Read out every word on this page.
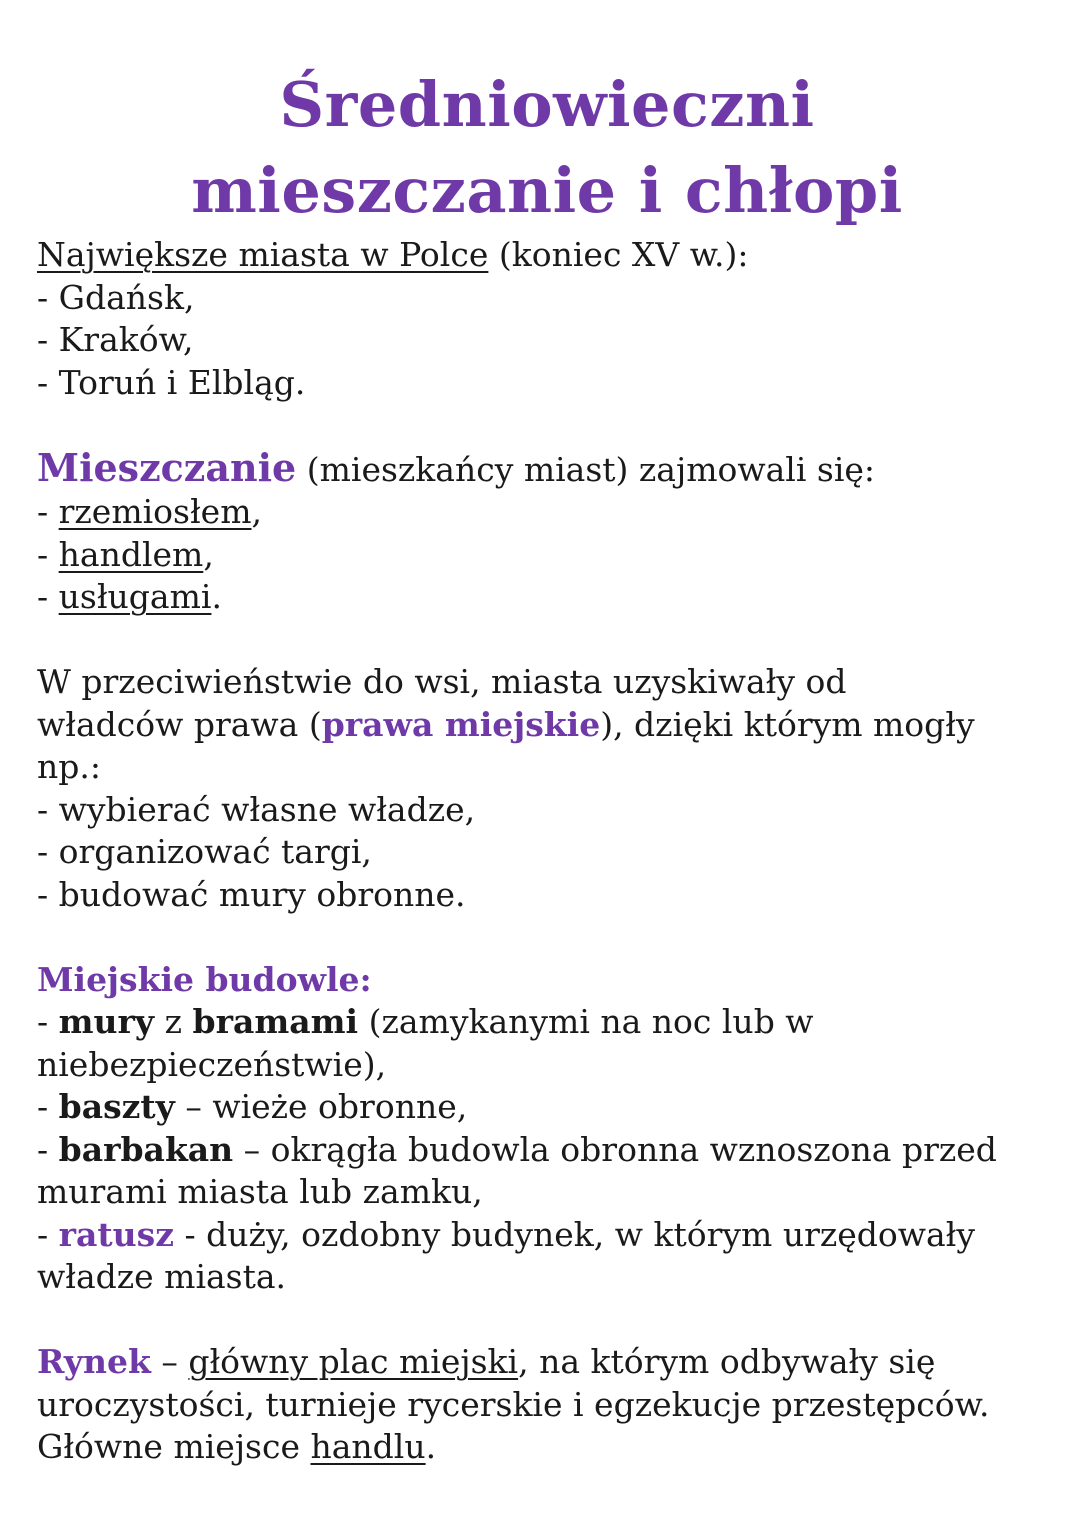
Średniowieczni
mieszczanie i chłopi
Największe miasta w Polce (koniec XV w.):
- Gdańsk,
- Kraków,
- Toruń i Elbląg.
Mieszczanie (mieszkańcy miast) zajmowali się:
- rzemiosłem,
- handlem,
- usługami.
W przeciwieństwie do wsi, miasta uzyskiwały od
władców prawa (prawa miejskie), dzięki którym mogły
np.:
- wybierać własne władze,
- organizować targi,
- budować mury obronne.
Miejskie budowle:
- mury z bramami (zamykanymi na noc lub w
niebezpieczeństwie),
- baszty – wieże obronne,
- barbakan – okrągła budowla obronna wznoszona przed
murami miasta lub zamku,
- ratusz - duży, ozdobny budynek, w którym urzędowały
władze miasta.
Rynek – główny plac miejski, na którym odbywały się
uroczystości, turnieje rycerskie i egzekucje przestępców.
Główne miejsce handlu.
